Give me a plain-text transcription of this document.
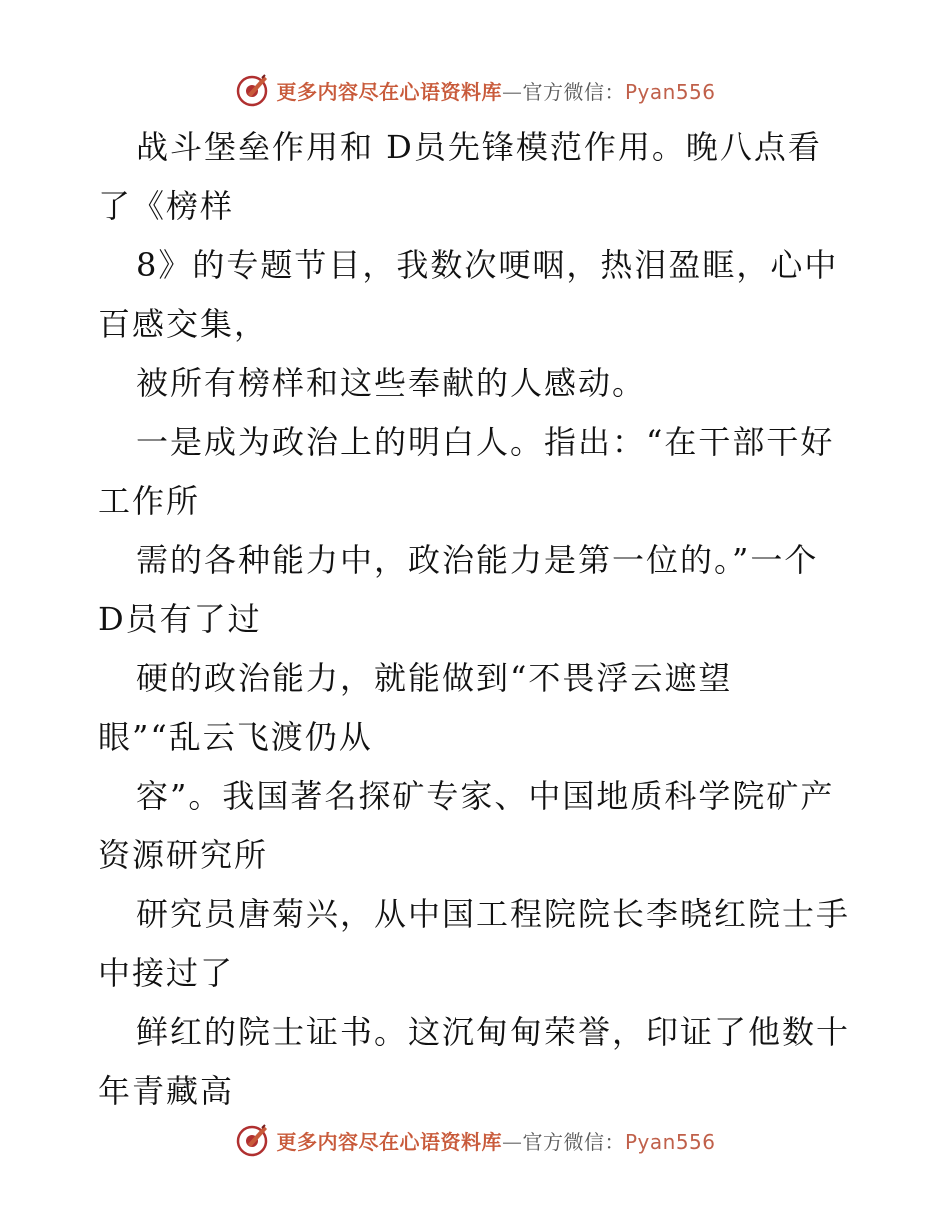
更多内容尽在心语资料库—官方微信：Pyan556
战斗堡垒作用和 D员先锋模范作用。晚八点看
了《榜样
8》的专题节目，我数次哽咽，热泪盈眶，心中
百感交集，
被所有榜样和这些奉献的人感动。
一是成为政治上的明白人。指出：“在干部干好
工作所
需的各种能力中，政治能力是第一位的。”一个
D员有了过
硬的政治能力，就能做到“不畏浮云遮望
眼”“乱云飞渡仍从
容”。我国著名探矿专家、中国地质科学院矿产
资源研究所
研究员唐菊兴，从中国工程院院长李晓红院士手
中接过了
鲜红的院士证书。这沉甸甸荣誉，印证了他数十
年青藏高
更多内容尽在心语资料库—官方微信：Pyan556
